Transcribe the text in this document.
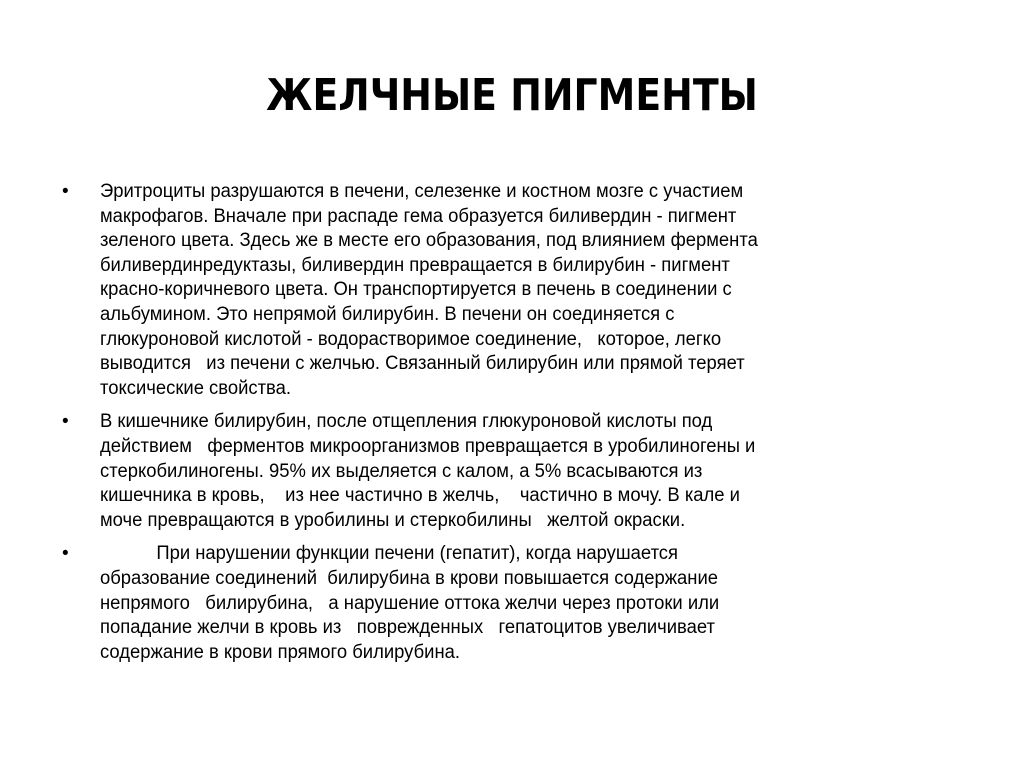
ЖЕЛЧНЫЕ ПИГМЕНТЫ
• Эритроциты разрушаются в печени, селезенке и костном мозге с участием
макрофагов. Вначале при распаде гема образуется биливердин - пигмент
зеленого цвета. Здесь же в месте его образования, под влиянием фермента
биливердинредуктазы, биливердин превращается в билирубин - пигмент
красно-коричневого цвета. Он транспортируется в печень в соединении с
альбумином. Это непрямой билирубин. В печени он соединяется с
глюкуроновой кислотой - водорастворимое соединение,   которое, легко
выводится   из печени с желчью. Связанный билирубин или прямой теряет
токсические свойства.
• В кишечнике билирубин, после отщепления глюкуроновой кислоты под
действием   ферментов микроорганизмов превращается в уробилиногены и
стеркобилиногены. 95% их выделяется с калом, а 5% всасываются из
кишечника в кровь,    из нее частично в желчь,    частично в мочу. В кале и
моче превращаются в уробилины и стеркобилины   желтой окраски.
• При нарушении функции печени (гепатит), когда нарушается
образование соединений  билирубина в крови повышается содержание
непрямого   билирубина,   а нарушение оттока желчи через протоки или
попадание желчи в кровь из   поврежденных   гепатоцитов увеличивает
содержание в крови прямого билирубина.
